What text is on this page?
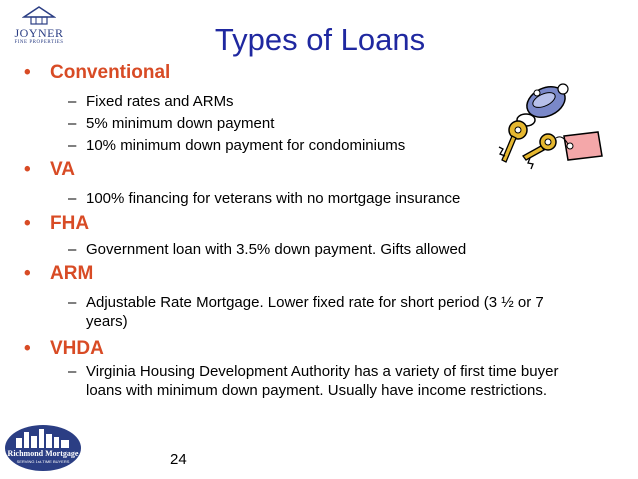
JOYNER
FINE PROPERTIES	Types of Loans
• Conventional
– Fixed rates and ARMs
– 5% minimum down payment
– 10% minimum down payment for condominiums
• VA
– 100% financing for veterans with no mortgage insurance
• FHA
– Government loan with 3.5% down payment. Gifts allowed
• ARM
– Adjustable Rate Mortgage. Lower fixed rate for short period (3 ½ or 7 years)
• VHDA
– Virginia Housing Development Authority has a variety of first time buyer loans with minimum down payment. Usually have income restrictions.
Richmond Mortgage
SERVING 1st-TIME BUYERS	24
